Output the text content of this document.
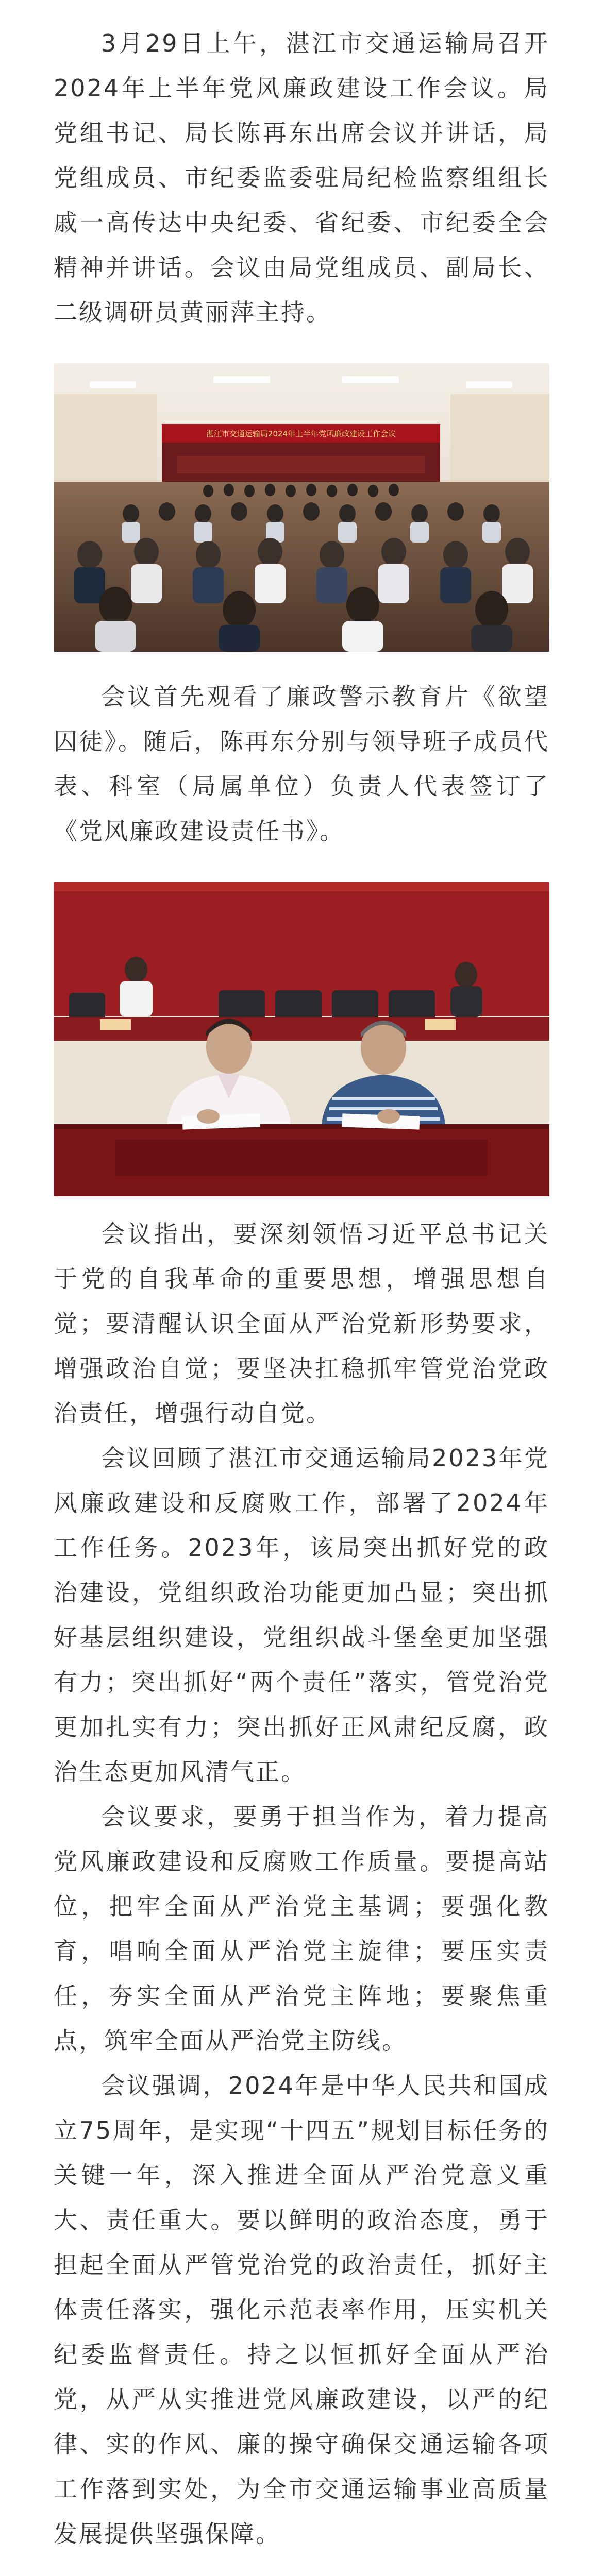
3月29日上午，湛江市交通运输局召开2024年上半年党风廉政建设工作会议。局党组书记、局长陈再东出席会议并讲话，局党组成员、市纪委监委驻局纪检监察组组长戚一高传达中央纪委、省纪委、市纪委全会精神并讲话。会议由局党组成员、副局长、二级调研员黄丽萍主持。

湛江市交通运输局2024年上半年党风廉政建设工作会议

会议首先观看了廉政警示教育片《欲望囚徒》。随后，陈再东分别与领导班子成员代表、科室（局属单位）负责人代表签订了《党风廉政建设责任书》。

会议指出，要深刻领悟习近平总书记关于党的自我革命的重要思想，增强思想自觉；要清醒认识全面从严治党新形势要求，增强政治自觉；要坚决扛稳抓牢管党治党政治责任，增强行动自觉。

会议回顾了湛江市交通运输局2023年党风廉政建设和反腐败工作，部署了2024年工作任务。2023年，该局突出抓好党的政治建设，党组织政治功能更加凸显；突出抓好基层组织建设，党组织战斗堡垒更加坚强有力；突出抓好“两个责任”落实，管党治党更加扎实有力；突出抓好正风肃纪反腐，政治生态更加风清气正。

会议要求，要勇于担当作为，着力提高党风廉政建设和反腐败工作质量。要提高站位，把牢全面从严治党主基调；要强化教育，唱响全面从严治党主旋律；要压实责任，夯实全面从严治党主阵地；要聚焦重点，筑牢全面从严治党主防线。

会议强调，2024年是中华人民共和国成立75周年，是实现“十四五”规划目标任务的关键一年，深入推进全面从严治党意义重大、责任重大。要以鲜明的政治态度，勇于担起全面从严管党治党的政治责任，抓好主体责任落实，强化示范表率作用，压实机关纪委监督责任。持之以恒抓好全面从严治党，从严从实推进党风廉政建设，以严的纪律、实的作风、廉的操守确保交通运输各项工作落到实处，为全市交通运输事业高质量发展提供坚强保障。
